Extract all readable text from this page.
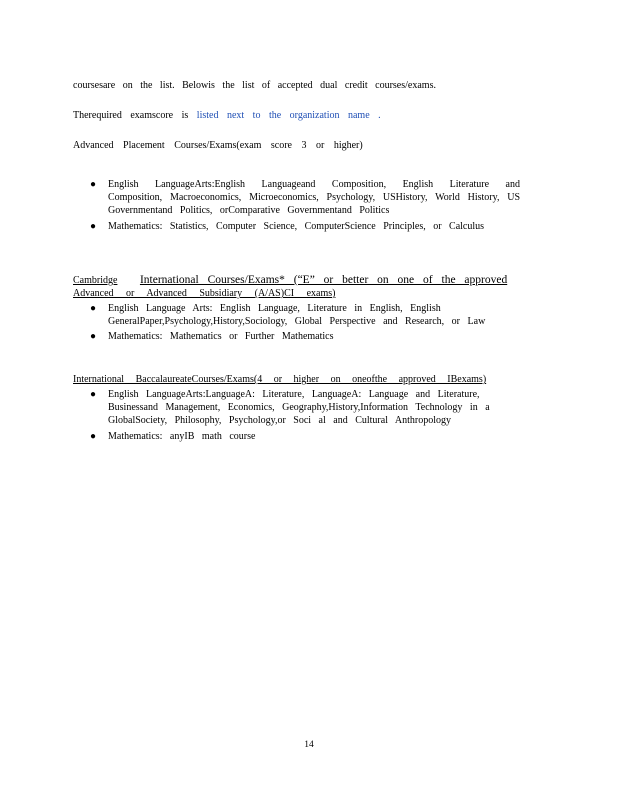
coursesare on the list. Belowis the list of accepted dual credit courses/exams.
Therequired examscore is listed next to the organization name .
Advanced Placement Courses/Exams(exam score 3 or higher)
● English LanguageArts:English Languageand Composition, English Literature and Composition, Macroeconomics, Microeconomics, Psychology, USHistory, World History, US Governmentand Politics, orComparative Governmentand Politics
● Mathematics: Statistics, Computer Science, ComputerScience Principles, or Calculus
Cambridge International Courses/Exams* (“E” or better on one of the approved
Advanced or Advanced Subsidiary (A/AS)CI exams)
● English Language Arts: English Language, Literature in English, English GeneralPaper,Psychology,History,Sociology, Global Perspective and Research, or Law
● Mathematics: Mathematics or Further Mathematics
International BaccalaureateCourses/Exams(4 or higher on oneofthe approved IBexams)
● English LanguageArts:LanguageA: Literature, LanguageA: Language and Literature, Businessand Management, Economics, Geography,History,Information Technology in a GlobalSociety, Philosophy, Psychology,or Soci al and Cultural Anthropology
● Mathematics: anyIB math course
14
